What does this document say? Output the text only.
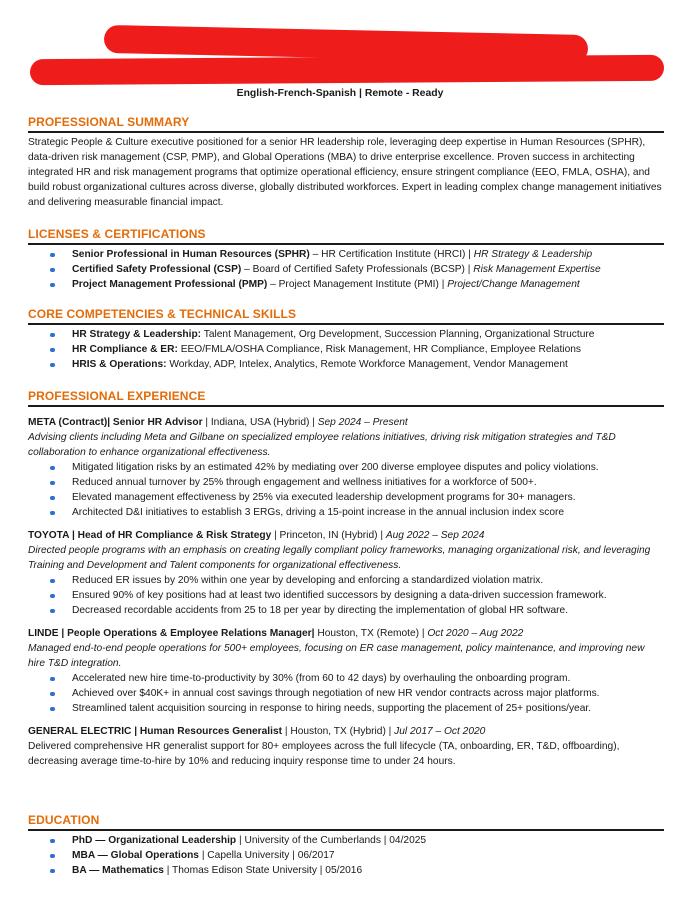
English-French-Spanish | Remote - Ready
PROFESSIONAL SUMMARY
Strategic People & Culture executive positioned for a senior HR leadership role, leveraging deep expertise in Human Resources (SPHR), data-driven risk management (CSP, PMP), and Global Operations (MBA) to drive enterprise excellence. Proven success in architecting integrated HR and risk management programs that optimize operational efficiency, ensure stringent compliance (EEO, FMLA, OSHA), and build robust organizational cultures across diverse, globally distributed workforces. Expert in leading complex change management initiatives and delivering measurable financial impact.
LICENSES & CERTIFICATIONS
Senior Professional in Human Resources (SPHR) – HR Certification Institute (HRCI) | HR Strategy & Leadership
Certified Safety Professional (CSP) – Board of Certified Safety Professionals (BCSP) | Risk Management Expertise
Project Management Professional (PMP) – Project Management Institute (PMI) | Project/Change Management
CORE COMPETENCIES & TECHNICAL SKILLS
HR Strategy & Leadership: Talent Management, Org Development, Succession Planning, Organizational Structure
HR Compliance & ER: EEO/FMLA/OSHA Compliance, Risk Management, HR Compliance, Employee Relations
HRIS & Operations: Workday, ADP, Intelex, Analytics, Remote Workforce Management, Vendor Management
PROFESSIONAL EXPERIENCE
META (Contract)| Senior HR Advisor | Indiana, USA (Hybrid) | Sep 2024 – Present
Advising clients including Meta and Gilbane on specialized employee relations initiatives, driving risk mitigation strategies and T&D collaboration to enhance organizational effectiveness.
Mitigated litigation risks by an estimated 42% by mediating over 200 diverse employee disputes and policy violations.
Reduced annual turnover by 25% through engagement and wellness initiatives for a workforce of 500+.
Elevated management effectiveness by 25% via executed leadership development programs for 30+ managers.
Architected D&I initiatives to establish 3 ERGs, driving a 15-point increase in the annual inclusion index score
TOYOTA | Head of HR Compliance & Risk Strategy | Princeton, IN (Hybrid) | Aug 2022 – Sep 2024
Directed people programs with an emphasis on creating legally compliant policy frameworks, managing organizational risk, and leveraging Training and Development and Talent components for organizational effectiveness.
Reduced ER issues by 20% within one year by developing and enforcing a standardized violation matrix.
Ensured 90% of key positions had at least two identified successors by designing a data-driven succession framework.
Decreased recordable accidents from 25 to 18 per year by directing the implementation of global HR software.
LINDE | People Operations & Employee Relations Manager| Houston, TX (Remote) | Oct 2020 – Aug 2022
Managed end-to-end people operations for 500+ employees, focusing on ER case management, policy maintenance, and improving new hire T&D integration.
Accelerated new hire time-to-productivity by 30% (from 60 to 42 days) by overhauling the onboarding program.
Achieved over $40K+ in annual cost savings through negotiation of new HR vendor contracts across major platforms.
Streamlined talent acquisition sourcing in response to hiring needs, supporting the placement of 25+ positions/year.
GENERAL ELECTRIC | Human Resources Generalist | Houston, TX (Hybrid) | Jul 2017 – Oct 2020
Delivered comprehensive HR generalist support for 80+ employees across the full lifecycle (TA, onboarding, ER, T&D, offboarding), decreasing average time-to-hire by 10% and reducing inquiry response time to under 24 hours.
EDUCATION
PhD — Organizational Leadership | University of the Cumberlands | 04/2025
MBA — Global Operations | Capella University | 06/2017
BA — Mathematics | Thomas Edison State University | 05/2016
